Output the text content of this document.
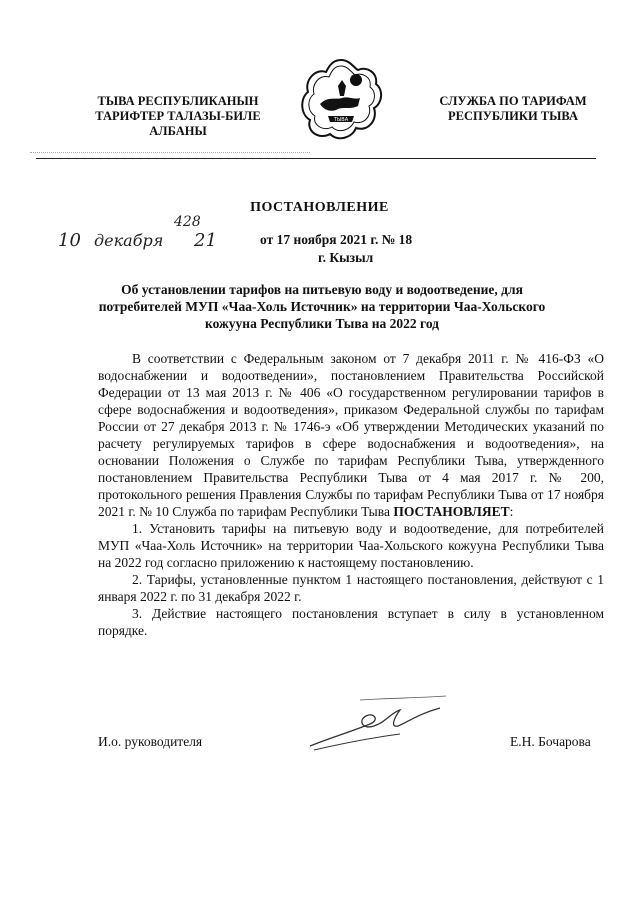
ТЫВА РЕСПУБЛИКАНЫН
ТАРИФТЕР ТАЛАЗЫ-БИЛЕ
АЛБАНЫ
ТЫВА
СЛУЖБА ПО ТАРИФАМ
РЕСПУБЛИКИ ТЫВА
ПОСТАНОВЛЕНИЕ
10 декабря
428
21	от 17 ноября 2021 г. № 18
г. Кызыл
Об установлении тарифов на питьевую воду и водоотведение, для потребителей МУП «Чаа-Холь Источник» на территории Чаа-Хольского кожууна Республики Тыва на 2022 год

В соответствии с Федеральным законом от 7 декабря 2011 г. № 416-ФЗ «О водоснабжении и водоотведении», постановлением Правительства Российской Федерации от 13 мая 2013 г. № 406 «О государственном регулировании тарифов в сфере водоснабжения и водоотведения», приказом Федеральной службы по тарифам России от 27 декабря 2013 г. № 1746-э «Об утверждении Методических указаний по расчету регулируемых тарифов в сфере водоснабжения и водоотведения», на основании Положения о Службе по тарифам Республики Тыва, утвержденного постановлением Правительства Республики Тыва от 4 мая 2017 г. № 200, протокольного решения Правления Службы по тарифам Республики Тыва от 17 ноября 2021 г. № 10 Служба по тарифам Республики Тыва ПОСТАНОВЛЯЕТ:

1. Установить тарифы на питьевую воду и водоотведение, для потребителей МУП «Чаа-Холь Источник» на территории Чаа-Хольского кожууна Республики Тыва на 2022 год согласно приложению к настоящему постановлению.

2. Тарифы, установленные пунктом 1 настоящего постановления, действуют с 1 января 2022 г. по 31 декабря 2022 г.

3. Действие настоящего постановления вступает в силу в установленном порядке.

И.о. руководителя	Е.Н. Бочарова
